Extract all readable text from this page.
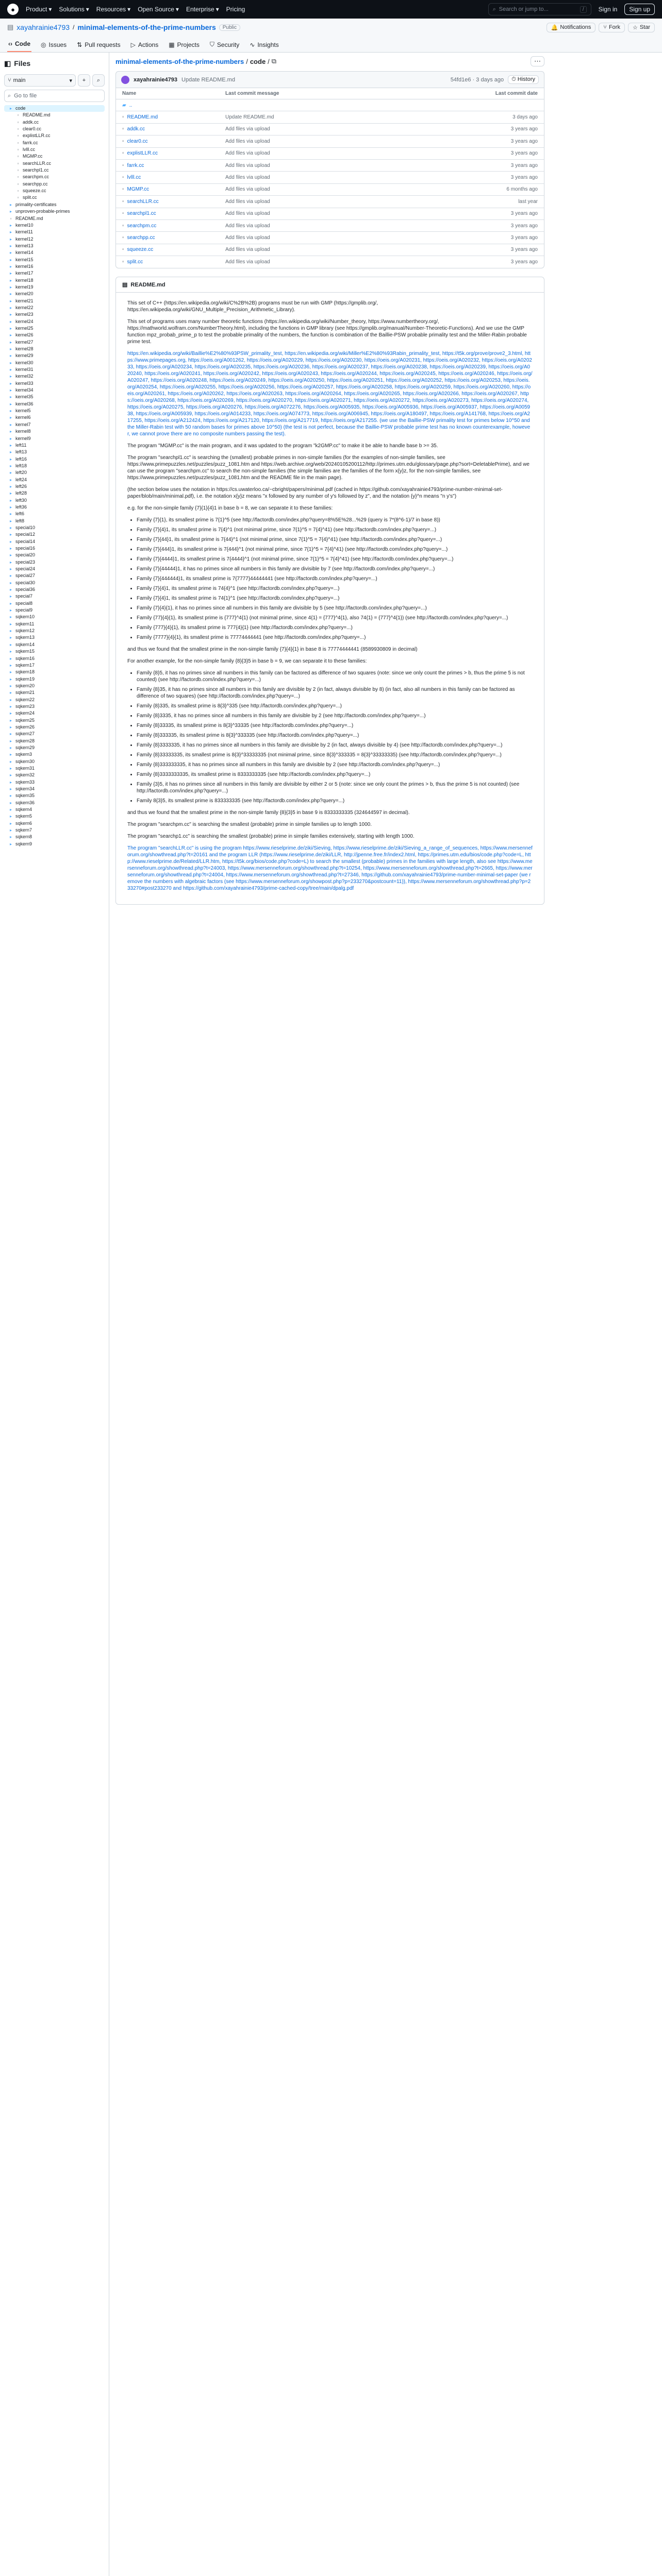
●	Product ▾ Solutions ▾ Resources ▾ Open Source ▾ Enterprise ▾ Pricing	⌕ Search or jump to...	/	Sign in	Sign up
▤ xayahrainie4793 / minimal-elements-of-the-prime-numbers	Public	🔔 Notifications ⑂ Fork ☆ Star
‹› Code ◎ Issues ⇅ Pull requests ▷ Actions ▦ Projects ⛉ Security ∿ Insights
◧ Files
⑂ main	▾ + ⌕
⌕ Go to file
▸ code
▫ README.md
▫ addk.cc
▫ clear0.cc
▫ explistLLR.cc
▫ farrk.cc
▫ lvlll.cc
▫ MGMP.cc
▫ searchLLR.cc
▫ searchpl1.cc
▫ searchpm.cc
▫ searchpp.cc
▫ squeeze.cc
▫ split.cc
▸ primality-certificates
▸ unproven-probable-primes
▫ README.md
▸ kernel10
▸ kernel11
▸ kernel12
▸ kernel13
▸ kernel14
▸ kernel15
▸ kernel16
▸ kernel17
▸ kernel18
▸ kernel19
▸ kernel20
▸ kernel21
▸ kernel22
▸ kernel23
▸ kernel24
▸ kernel25
▸ kernel26
▸ kernel27
▸ kernel28
▸ kernel29
▸ kernel30
▸ kernel31
▸ kernel32
▸ kernel33
▸ kernel34
▸ kernel35
▸ kernel36
▸ kernel5
▸ kernel6
▸ kernel7
▸ kernel8
▸ kernel9
▸ left11
▸ left13
▸ left16
▸ left18
▸ left20
▸ left24
▸ left26
▸ left28
▸ left30
▸ left36
▸ left6
▸ left8
▸ special10
▸ special12
▸ special14
▸ special16
▸ special20
▸ special23
▸ special24
▸ special27
▸ special30
▸ special36
▸ special7
▸ special8
▸ special9
▸ sqkern10
▸ sqkern11
▸ sqkern12
▸ sqkern13
▸ sqkern14
▸ sqkern15
▸ sqkern16
▸ sqkern17
▸ sqkern18
▸ sqkern19
▸ sqkern20
▸ sqkern21
▸ sqkern22
▸ sqkern23
▸ sqkern24
▸ sqkern25
▸ sqkern26
▸ sqkern27
▸ sqkern28
▸ sqkern29
▸ sqkern3
▸ sqkern30
▸ sqkern31
▸ sqkern32
▸ sqkern33
▸ sqkern34
▸ sqkern35
▸ sqkern36
▸ sqkern4
▸ sqkern5
▸ sqkern6
▸ sqkern7
▸ sqkern8
▸ sqkern9
minimal-elements-of-the-prime-numbers / code / ⧉	⋯
xayahrainie4793 Update README.md	54fd1e6 · 3 days ago	⏱ History
Name	Last commit message	Last commit date
▰ ..
▫ README.md	Update README.md	3 days ago
▫ addk.cc	Add files via upload	3 years ago
▫ clear0.cc	Add files via upload	3 years ago
▫ explistLLR.cc	Add files via upload	3 years ago
▫ farrk.cc	Add files via upload	3 years ago
▫ lvlll.cc	Add files via upload	3 years ago
▫ MGMP.cc	Add files via upload	6 months ago
▫ searchLLR.cc	Add files via upload	last year
▫ searchpl1.cc	Add files via upload	3 years ago
▫ searchpm.cc	Add files via upload	3 years ago
▫ searchpp.cc	Add files via upload	3 years ago
▫ squeeze.cc	Add files via upload	3 years ago
▫ split.cc	Add files via upload	3 years ago
▤ README.md

This set of C++ (https://en.wikipedia.org/wiki/C%2B%2B) programs must be run with GMP (https://gmplib.org/, https://en.wikipedia.org/wiki/GNU_Multiple_Precision_Arithmetic_Library).

This set of programs uses many number theoretic functions (https://en.wikipedia.org/wiki/Number_theory, https://www.numbertheory.org/, https://mathworld.wolfram.com/NumberTheory.html), including the functions in GMP library (see https://gmplib.org/manual/Number-Theoretic-Functions). And we use the GMP function mpz_probab_prime_p to test the probable primality of the numbers, the function is combination of the Baillie-PSW probable primality test and the Miller-Rabin probable prime test.

https://en.wikipedia.org/wiki/Baillie%E2%80%93PSW_primality_test, https://en.wikipedia.org/wiki/Miller%E2%80%93Rabin_primality_test, https://t5k.org/prove/prove2_3.html, https://www.primepages.org, https://oeis.org/A001262, https://oeis.org/A020229, https://oeis.org/A020230, https://oeis.org/A020231, https://oeis.org/A020232, https://oeis.org/A020233, https://oeis.org/A020234, https://oeis.org/A020235, https://oeis.org/A020236, https://oeis.org/A020237, https://oeis.org/A020238, https://oeis.org/A020239, https://oeis.org/A020240, https://oeis.org/A020241, https://oeis.org/A020242, https://oeis.org/A020243, https://oeis.org/A020244, https://oeis.org/A020245, https://oeis.org/A020246, https://oeis.org/A020247, https://oeis.org/A020248, https://oeis.org/A020249, https://oeis.org/A020250, https://oeis.org/A020251, https://oeis.org/A020252, https://oeis.org/A020253, https://oeis.org/A020254, https://oeis.org/A020255, https://oeis.org/A020256, https://oeis.org/A020257, https://oeis.org/A020258, https://oeis.org/A020259, https://oeis.org/A020260, https://oeis.org/A020261, https://oeis.org/A020262, https://oeis.org/A020263, https://oeis.org/A020264, https://oeis.org/A020265, https://oeis.org/A020266, https://oeis.org/A020267, https://oeis.org/A020268, https://oeis.org/A020269, https://oeis.org/A020270, https://oeis.org/A020271, https://oeis.org/A020272, https://oeis.org/A020273, https://oeis.org/A020274, https://oeis.org/A020275, https://oeis.org/A020276, https://oeis.org/A072276, https://oeis.org/A005935, https://oeis.org/A005936, https://oeis.org/A005937, https://oeis.org/A005938, https://oeis.org/A005939, https://oeis.org/A014233, https://oeis.org/A074773, https://oeis.org/A006945, https://oeis.org/A180497, https://oeis.org/A141768, https://oeis.org/A217255, https://oeis.org/A212424, https://oeis.org/A217120, https://oeis.org/A217719, https://oeis.org/A217255. (we use the Baillie-PSW primality test for primes below 10^50 and the Miller-Rabin test with 50 random bases for primes above 10^50) (the test is not perfect, because the Baillie-PSW probable prime test has no known counterexample, however, we cannot prove there are no composite numbers passing the test).

The program "MGMP.cc" is the main program, and it was updated to the program "k2GMP.cc" to make it be able to handle base b >= 35.

The program "searchpl1.cc" is searching the (smallest) probable primes in non-simple families (for the examples of non-simple families, see https://www.primepuzzles.net/puzzles/puzz_1081.htm and https://web.archive.org/web/20240105200112/http://primes.utm.edu/glossary/page.php?sort=DeletablePrime), and we can use the program "searchpm.cc" to search the non-simple families (the simple families are the families of the form x{y}z, for the non-simple families, see https://www.primepuzzles.net/puzzles/puzz_1081.htm and the README file in the main page).

(the section below uses the notation in https://cs.uwaterloo.ca/~cbright/papers/minimal.pdf (cached in https://github.com/xayahrainie4793/prime-number-minimal-set-paper/blob/main/minimal.pdf), i.e. the notation x{y}z means "x followed by any number of y's followed by z", and the notation {y}^n means "n y's")

e.g. for the non-simple family {7}{1}{4}1 in base b = 8, we can separate it to these families:

• Family {7}{1}, its smallest prime is 7{1}^5 (see http://factordb.com/index.php?query=8%5E%28...%29 (query is 7*(8^6-1)/7 in base 8))
• Family {7}{4}1, its smallest prime is 7{4}^1 (not minimal prime, since 7{1}^5 = 7{4}^41) (see http://factordb.com/index.php?query=...)
• Family {7}{44}1, its smallest prime is 7{44}^1 (not minimal prime, since 7{1}^5 = 7{4}^41) (see http://factordb.com/index.php?query=...)
• Family {7}{444}1, its smallest prime is 7{444}^1 (not minimal prime, since 7{1}^5 = 7{4}^41) (see http://factordb.com/index.php?query=...)
• Family {7}{4444}1, its smallest prime is 7{4444}^1 (not minimal prime, since 7{1}^5 = 7{4}^41) (see http://factordb.com/index.php?query=...)
• Family {7}{44444}1, it has no primes since all numbers in this family are divisible by 7 (see http://factordb.com/index.php?query=...)
• Family {7}{444444}1, its smallest prime is 7{7777}44444441 (see http://factordb.com/index.php?query=...)
• Family {7}{4}1, its smallest prime is 74{4}^1 (see http://factordb.com/index.php?query=...)
• Family {7}{4}1, its smallest prime is 74{1}^1 (see http://factordb.com/index.php?query=...)
• Family {7}{4}{1}, it has no primes since all numbers in this family are divisible by 5 (see http://factordb.com/index.php?query=...)
• Family {77}{4}{1}, its smallest prime is {777}^4{1} (not minimal prime, since 4{1} = {777}^4{1}, also 74{1} = {777}^4{1}) (see http://factordb.com/index.php?query=...)
• Family {777}{4}{1}, its smallest prime is 777{4}{1} (see http://factordb.com/index.php?query=...)
• Family {7777}{4}{1}, its smallest prime is 77774444441 (see http://factordb.com/index.php?query=...)

and thus we found that the smallest prime in the non-simple family {7}{4}{1} in base 8 is 77774444441 (8589930809 in decimal)

For another example, for the non-simple family {8}{3}5 in base b = 9, we can separate it to these families:

• Family {8}5, it has no primes since all numbers in this family can be factored as difference of two squares (note: since we only count the primes > b, thus the prime 5 is not counted) (see http://factordb.com/index.php?query=...)
• Family {8}35, it has no primes since all numbers in this family are divisible by 2 (in fact, always divisible by 8) (in fact, also all numbers in this family can be factored as difference of two squares) (see http://factordb.com/index.php?query=...)
• Family {8}335, its smallest prime is 8{3}^335 (see http://factordb.com/index.php?query=...)
• Family {8}3335, it has no primes since all numbers in this family are divisible by 2 (see http://factordb.com/index.php?query=...)
• Family {8}33335, its smallest prime is 8{3}^33335 (see http://factordb.com/index.php?query=...)
• Family {8}333335, its smallest prime is 8{3}^333335 (see http://factordb.com/index.php?query=...)
• Family {8}3333335, it has no primes since all numbers in this family are divisible by 2 (in fact, always divisible by 4) (see http://factordb.com/index.php?query=...)
• Family {8}33333335, its smallest prime is 8{3}^33333335 (not minimal prime, since 8{3}^333335 = 8{3}^33333335) (see http://factordb.com/index.php?query=...)
• Family {8}333333335, it has no primes since all numbers in this family are divisible by 2 (see http://factordb.com/index.php?query=...)
• Family {8}3333333335, its smallest prime is 8333333335 (see http://factordb.com/index.php?query=...)
• Family {3}5, it has no primes since all numbers in this family are divisible by either 2 or 5 (note: since we only count the primes > b, thus the prime 5 is not counted) (see http://factordb.com/index.php?query=...)
• Family 8{3}5, its smallest prime is 833333335 (see http://factordb.com/index.php?query=...)

and thus we found that the smallest prime in the non-simple family {8}{3}5 in base 9 is 8333333335 (324644597 in decimal).

The program "searchpm.cc" is searching the smallest (probable) prime in simple families up to length 1000.

The program "searchp1.cc" is searching the smallest (probable) prime in simple families extensively, starting with length 1000.

The program "searchLLR.cc" is using the program https://www.rieselprime.de/ziki/Sieving, https://www.rieselprime.de/ziki/Sieving_a_range_of_sequences, https://www.mersenneforum.org/showthread.php?t=20161 and the program LLR (https://www.rieselprime.de/ziki/LLR, http://jpenne.free.fr/index2.html, https://primes.utm.edu/bios/code.php?code=L, http://www.rieselprime.de/Related/LLR.htm, https://t5k.org/bios/code.php?code=L) to search the smallest (probable) primes in the families with large length, also see https://www.mersenneforum.org/showthread.php?t=24003, https://www.mersenneforum.org/showthread.php?t=10254, https://www.mersenneforum.org/showthread.php?t=2665, https://www.mersenneforum.org/showthread.php?t=24004, https://www.mersenneforum.org/showthread.php?t=27346, https://github.com/xayahrainie4793/prime-number-minimal-set-paper (we remove the numbers with algebraic factors (see https://www.mersenneforum.org/showpost.php?p=233270&postcount=11)), https://www.mersenneforum.org/showthread.php?p=233270#post233270 and https://github.com/xayahrainie4793/prime-cached-copy/tree/main/dpalg.pdf
